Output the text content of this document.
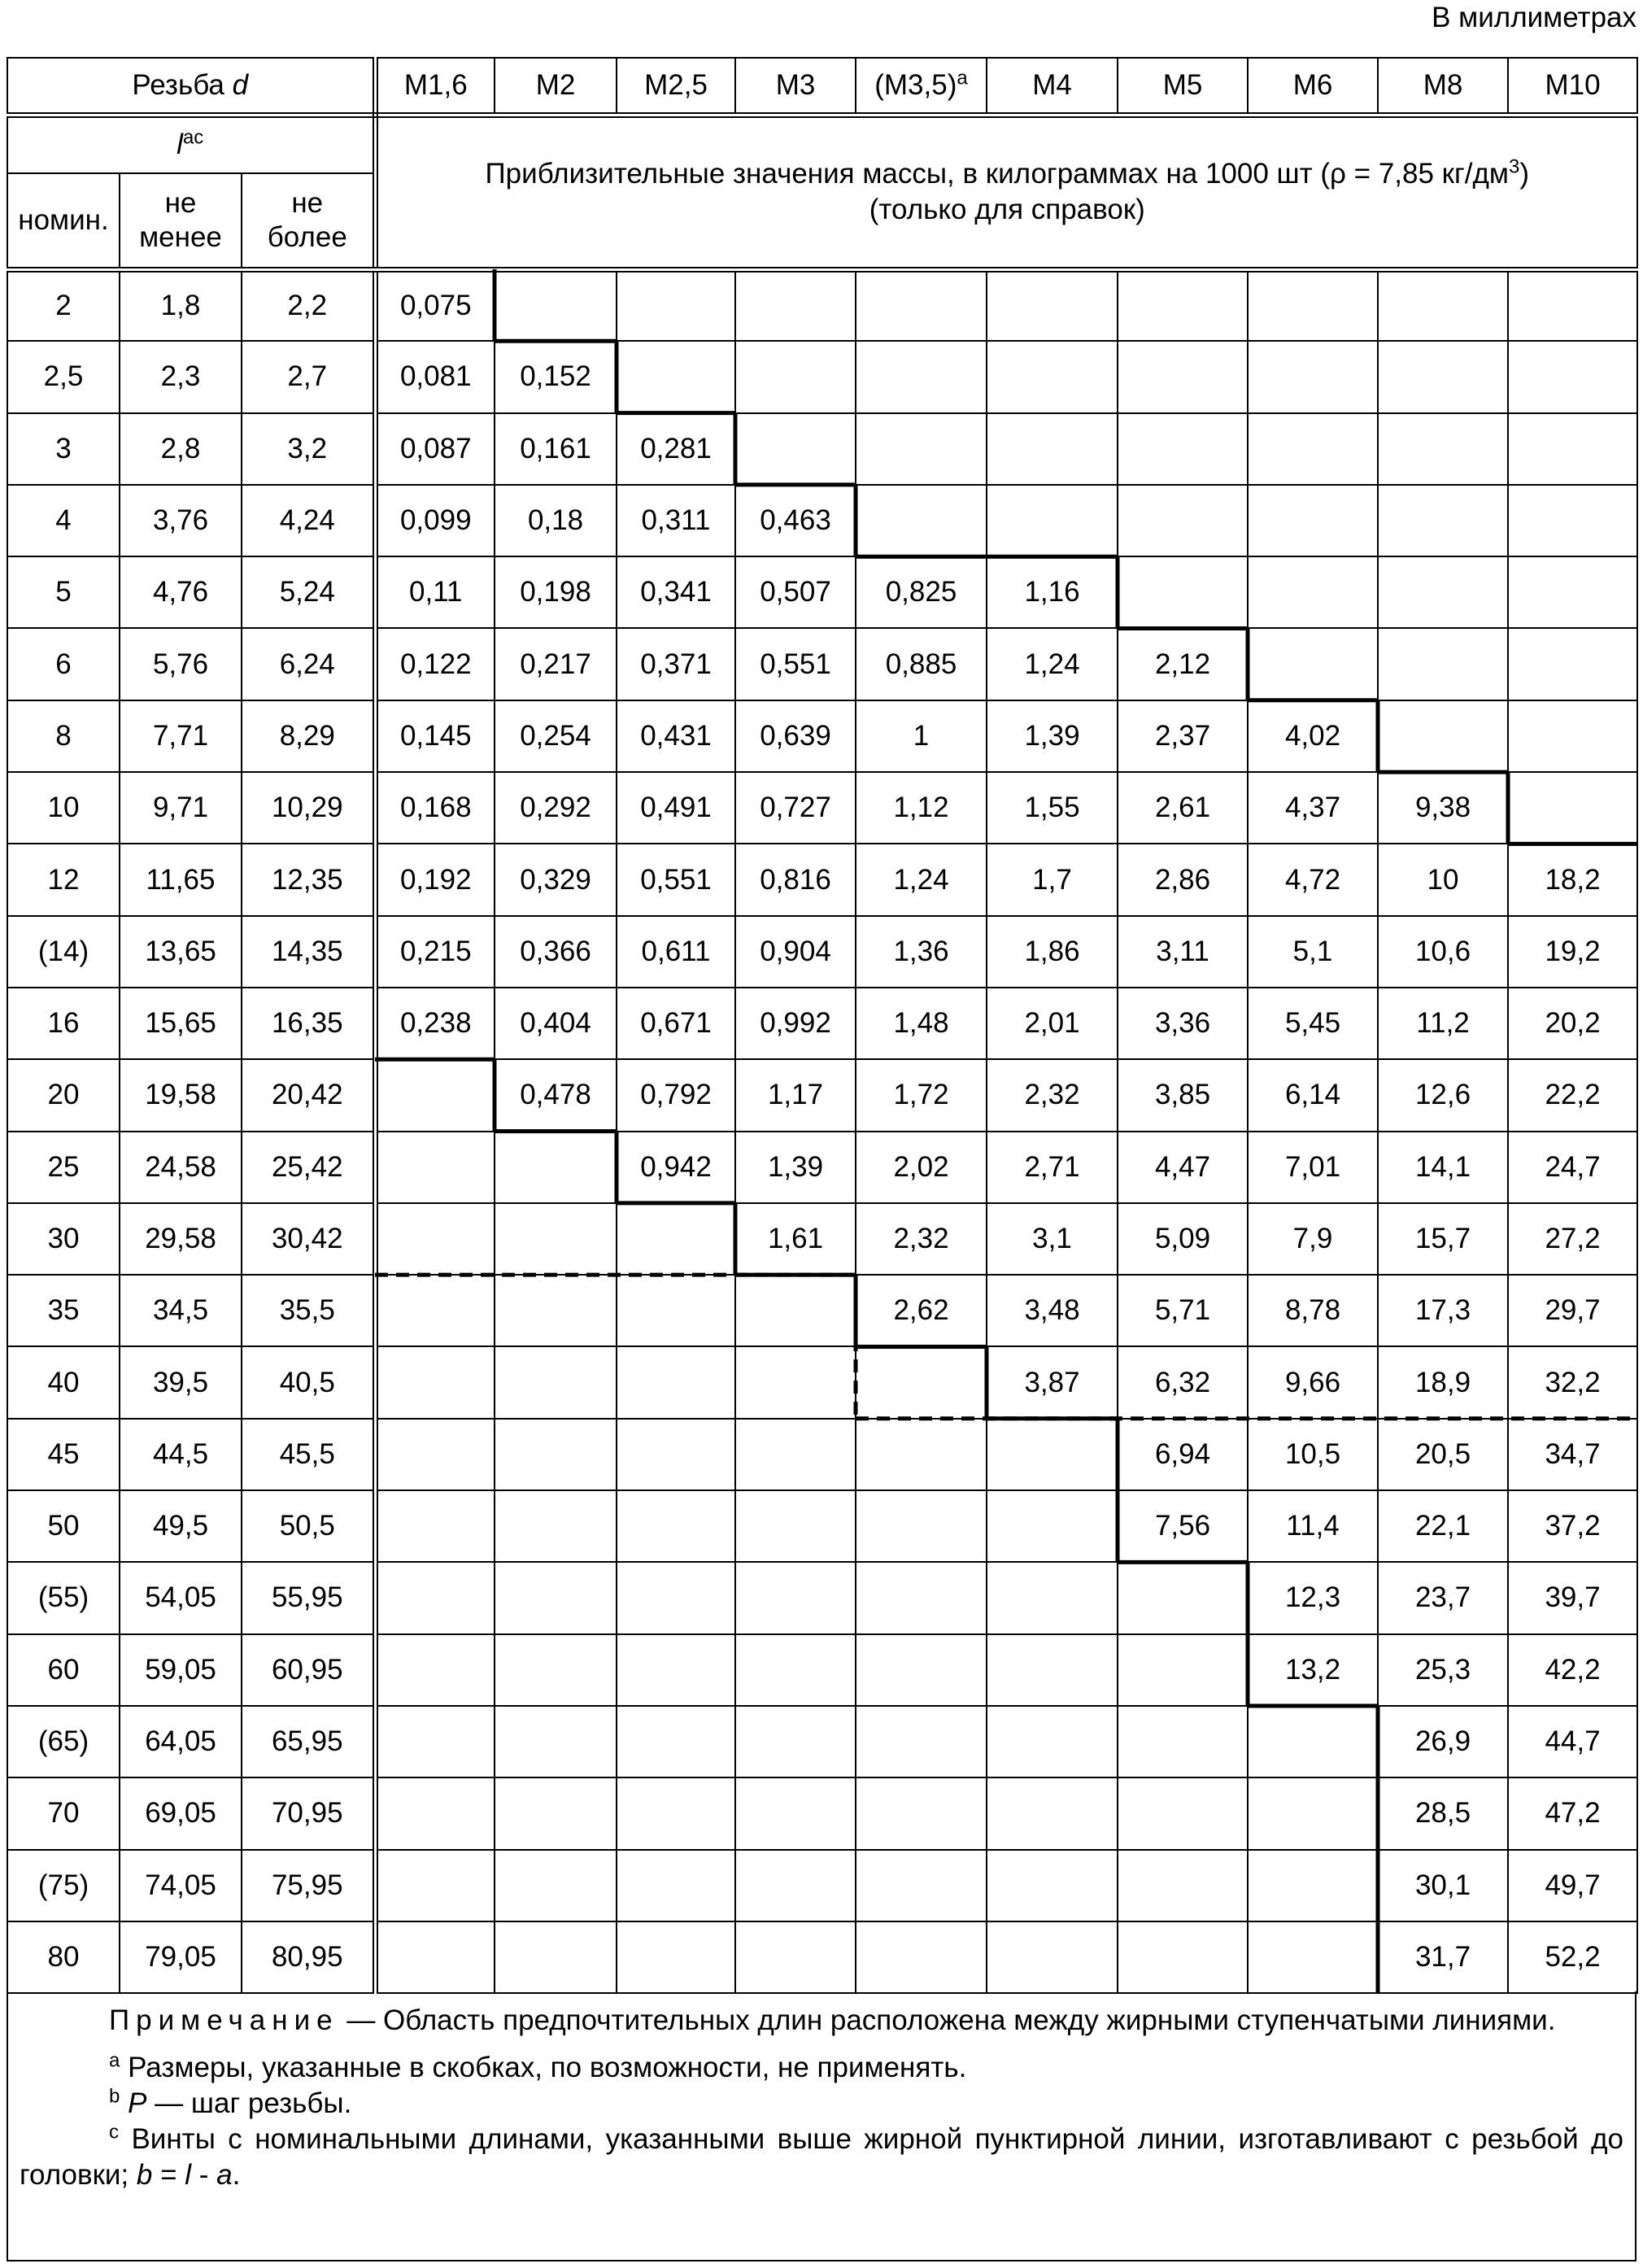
В миллиметрах
Резьба d			M1,6	M2	M2,5	M3	$(M3,5)^a$	M4	M5	M6	M8	M10
$l^{ac}$			Приблизительные значения массы, в килограммах на 1000 шт (ρ = 7,85 $кг/дм^3$)
(только для справок)									

номин.	не менее	не более										

2	1,8	2,2	0,075									
2,5	2,3	2,7	0,081	0,152								
3	2,8	3,2	0,087	0,161	0,281							
4	3,76	4,24	0,099	0,18	0,311	0,463						
5	4,76	5,24	0,11	0,198	0,341	0,507	0,825	1,16				
6	5,76	6,24	0,122	0,217	0,371	0,551	0,885	1,24	2,12			
8	7,71	8,29	0,145	0,254	0,431	0,639	1	1,39	2,37	4,02		
10	9,71	10,29	0,168	0,292	0,491	0,727	1,12	1,55	2,61	4,37	9,38	
12	11,65	12,35	0,192	0,329	0,551	0,816	1,24	1,7	2,86	4,72	10	18,2
(14)	13,65	14,35	0,215	0,366	0,611	0,904	1,36	1,86	3,11	5,1	10,6	19,2
16	15,65	16,35	0,238	0,404	0,671	0,992	1,48	2,01	3,36	5,45	11,2	20,2
20	19,58	20,42		0,478	0,792	1,17	1,72	2,32	3,85	6,14	12,6	22,2
25	24,58	25,42			0,942	1,39	2,02	2,71	4,47	7,01	14,1	24,7
30	29,58	30,42				1,61	2,32	3,1	5,09	7,9	15,7	27,2
35	34,5	35,5					2,62	3,48	5,71	8,78	17,3	29,7
40	39,5	40,5						3,87	6,32	9,66	18,9	32,2
45	44,5	45,5							6,94	10,5	20,5	34,7
50	49,5	50,5							7,56	11,4	22,1	37,2
(55)	54,05	55,95								12,3	23,7	39,7
60	59,05	60,95								13,2	25,3	42,2
(65)	64,05	65,95									26,9	44,7
70	69,05	70,95									28,5	47,2
(75)	74,05	75,95									30,1	49,7
80	79,05	80,95									31,7	52,2

Примечание — Область предпочтительных длин расположена между жирными ступенчатыми линиями.

$^a$ Размеры, указанные в скобках, по возможности, не применять.

$^b$ P — шаг резьбы.

$^c$ Винты с номинальными длинами, указанными выше жирной пунктирной линии, изготавливают с резьбой до головки; b = l - a.
